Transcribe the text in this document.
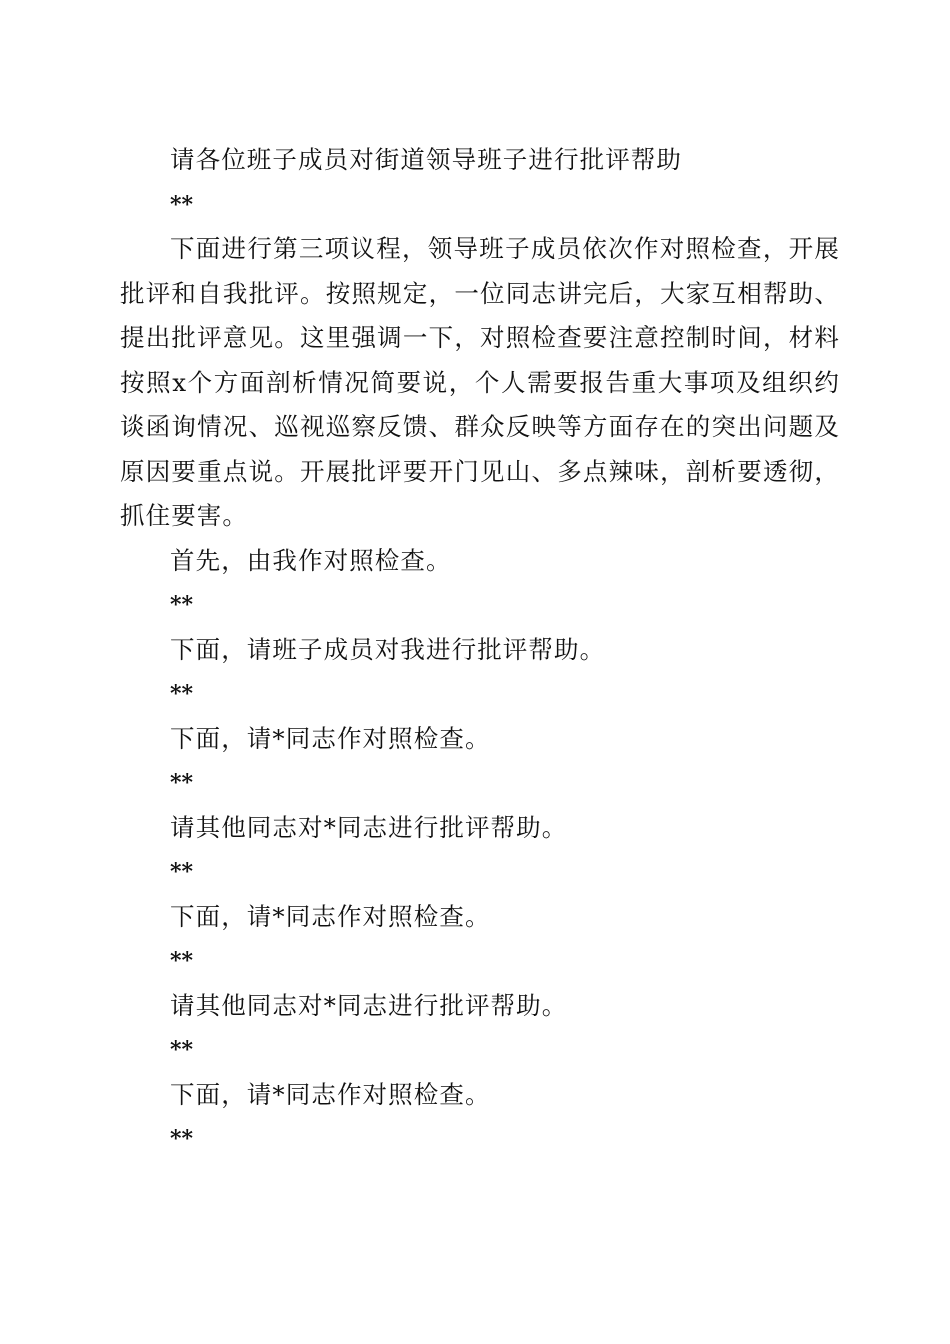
请各位班子成员对街道领导班子进行批评帮助

**

下面进行第三项议程，领导班子成员依次作对照检查，开展批评和自我批评。按照规定，一位同志讲完后，大家互相帮助、提出批评意见。这里强调一下，对照检查要注意控制时间，材料按照x个方面剖析情况简要说，个人需要报告重大事项及组织约谈函询情况、巡视巡察反馈、群众反映等方面存在的突出问题及原因要重点说。开展批评要开门见山、多点辣味，剖析要透彻，抓住要害。

首先，由我作对照检查。

**

下面，请班子成员对我进行批评帮助。

**

下面，请*同志作对照检查。

**

请其他同志对*同志进行批评帮助。

**

下面，请*同志作对照检查。

**

请其他同志对*同志进行批评帮助。

**

下面，请*同志作对照检查。

**
